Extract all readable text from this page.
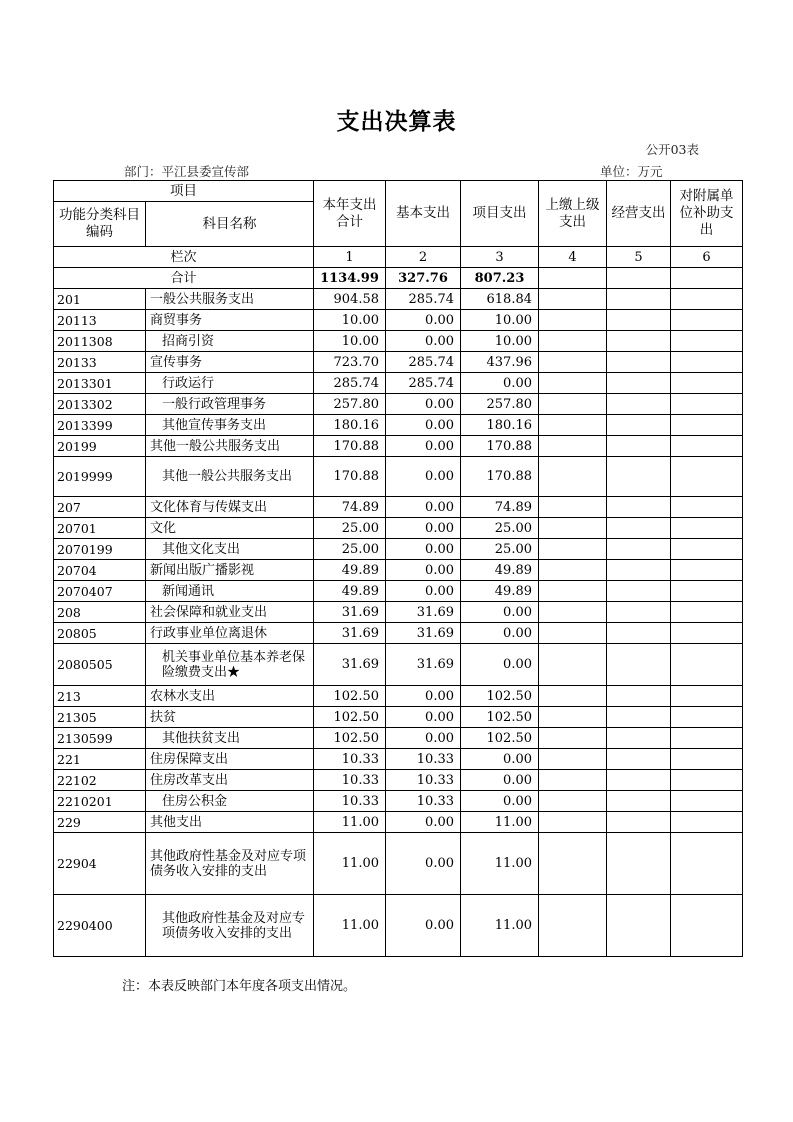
支出决算表
公开03表
部门：平江县委宣传部	单位：万元
项目		本年支出合计	基本支出	项目支出	上缴上级支出	经营支出	对附属单位补助支出
功能分类科目编码	科目名称						
栏次		1	2	3	4	5	6
合计		1134.99	327.76	807.23			
201	一般公共服务支出	904.58	285.74	618.84			
20113	商贸事务	10.00	0.00	10.00			
2011308	招商引资	10.00	0.00	10.00			
20133	宣传事务	723.70	285.74	437.96			
2013301	行政运行	285.74	285.74	0.00			
2013302	一般行政管理事务	257.80	0.00	257.80			
2013399	其他宣传事务支出	180.16	0.00	180.16			
20199	其他一般公共服务支出	170.88	0.00	170.88			
2019999	其他一般公共服务支出	170.88	0.00	170.88			
207	文化体育与传媒支出	74.89	0.00	74.89			
20701	文化	25.00	0.00	25.00			
2070199	其他文化支出	25.00	0.00	25.00			
20704	新闻出版广播影视	49.89	0.00	49.89			
2070407	新闻通讯	49.89	0.00	49.89			
208	社会保障和就业支出	31.69	31.69	0.00			
20805	行政事业单位离退休	31.69	31.69	0.00			
2080505	机关事业单位基本养老保险缴费支出★	31.69	31.69	0.00			
213	农林水支出	102.50	0.00	102.50			
21305	扶贫	102.50	0.00	102.50			
2130599	其他扶贫支出	102.50	0.00	102.50			
221	住房保障支出	10.33	10.33	0.00			
22102	住房改革支出	10.33	10.33	0.00			
2210201	住房公积金	10.33	10.33	0.00			
229	其他支出	11.00	0.00	11.00			
22904	其他政府性基金及对应专项债务收入安排的支出	11.00	0.00	11.00			
2290400	其他政府性基金及对应专项债务收入安排的支出	11.00	0.00	11.00			
注：本表反映部门本年度各项支出情况。
